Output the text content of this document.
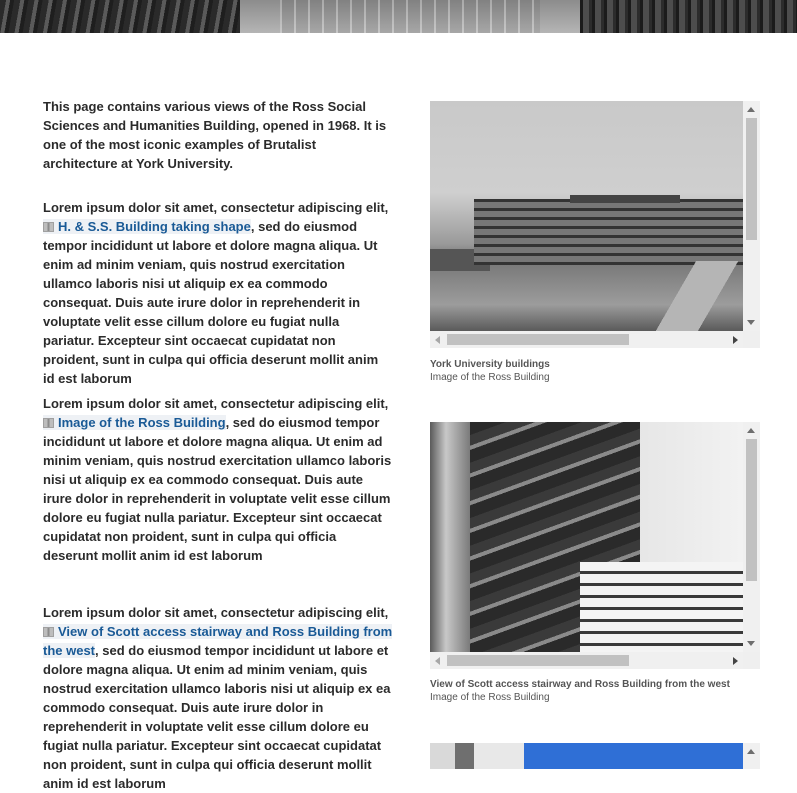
This page contains various views of the Ross Social Sciences and Humanities Building, opened in 1968. It is one of the most iconic examples of Brutalist architecture at York University.

Lorem ipsum dolor sit amet, consectetur adipiscing elit,
H. & S.S. Building taking shape, sed do eiusmod tempor incididunt ut labore et dolore magna aliqua. Ut enim ad minim veniam, quis nostrud exercitation ullamco laboris nisi ut aliquip ex ea commodo consequat. Duis aute irure dolor in reprehenderit in voluptate velit esse cillum dolore eu fugiat nulla pariatur. Excepteur sint occaecat cupidatat non proident, sunt in culpa qui officia deserunt mollit anim id est laborum

Lorem ipsum dolor sit amet, consectetur adipiscing elit,
Image of the Ross Building, sed do eiusmod tempor incididunt ut labore et dolore magna aliqua. Ut enim ad minim veniam, quis nostrud exercitation ullamco laboris nisi ut aliquip ex ea commodo consequat. Duis aute irure dolor in reprehenderit in voluptate velit esse cillum dolore eu fugiat nulla pariatur. Excepteur sint occaecat cupidatat non proident, sunt in culpa qui officia deserunt mollit anim id est laborum

Lorem ipsum dolor sit amet, consectetur adipiscing elit,
View of Scott access stairway and Ross Building from the west, sed do eiusmod tempor incididunt ut labore et dolore magna aliqua. Ut enim ad minim veniam, quis nostrud exercitation ullamco laboris nisi ut aliquip ex ea commodo consequat. Duis aute irure dolor in reprehenderit in voluptate velit esse cillum dolore eu fugiat nulla pariatur. Excepteur sint occaecat cupidatat non proident, sunt in culpa qui officia deserunt mollit anim id est laborum

York University buildings
Image of the Ross Building
View of Scott access stairway and Ross Building from the west
Image of the Ross Building
